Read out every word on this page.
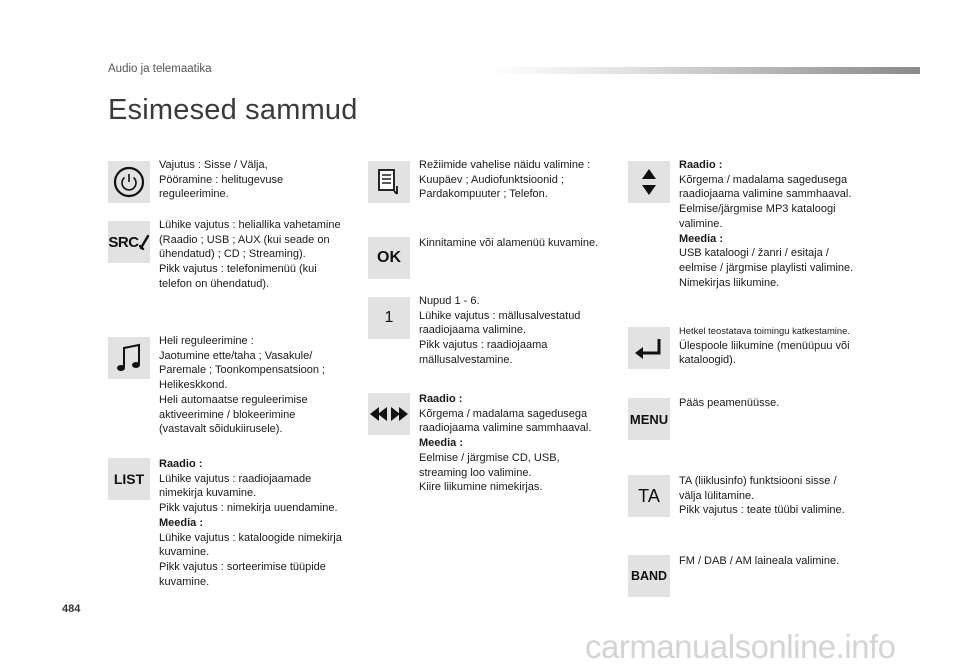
Audio ja telemaatika
Esimesed sammud
Vajutus : Sisse / Välja,
Pööramine : helitugevuse
reguleerimine.
SRC
Lühike vajutus : heliallika vahetamine
(Raadio ; USB ; AUX (kui seade on
ühendatud) ; CD ; Streaming).
Pikk vajutus : telefonimenüü (kui
telefon on ühendatud).
Heli reguleerimine :
Jaotumine ette/taha ; Vasakule/
Paremale ; Toonkompensatsioon ;
Helikeskkond.
Heli automaatse reguleerimise
aktiveerimine / blokeerimine
(vastavalt sõidukiirusele).
LIST
Raadio :
Lühike vajutus : raadiojaamade
nimekirja kuvamine.
Pikk vajutus : nimekirja uuendamine.
Meedia :
Lühike vajutus : kataloogide nimekirja
kuvamine.
Pikk vajutus : sorteerimise tüüpide
kuvamine.
Režiimide vahelise näidu valimine :
Kuupäev ; Audiofunktsioonid ;
Pardakompuuter ; Telefon.
OK
Kinnitamine või alamenüü kuvamine.
1
Nupud 1 - 6.
Lühike vajutus : mällusalvestatud
raadiojaama valimine.
Pikk vajutus : raadiojaama
mällusalvestamine.
Raadio :
Kõrgema / madalama sagedusega
raadiojaama valimine sammhaaval.
Meedia :
Eelmise / järgmise CD, USB,
streaming loo valimine.
Kiire liikumine nimekirjas.
Raadio :
Kõrgema / madalama sagedusega
raadiojaama valimine sammhaaval.
Eelmise/järgmise MP3 kataloogi
valimine.
Meedia :
USB kataloogi / žanri / esitaja /
eelmise / järgmise playlisti valimine.
Nimekirjas liikumine.
Hetkel teostatava toimingu katkestamine.
Ülespoole liikumine (menüüpuu või
kataloogid).
MENU
Pääs peamenüüsse.
TA
TA (liiklusinfo) funktsiooni sisse /
välja lülitamine.
Pikk vajutus : teate tüübi valimine.
BAND
FM / DAB / AM laineala valimine.
484
carmanualsonline.info
